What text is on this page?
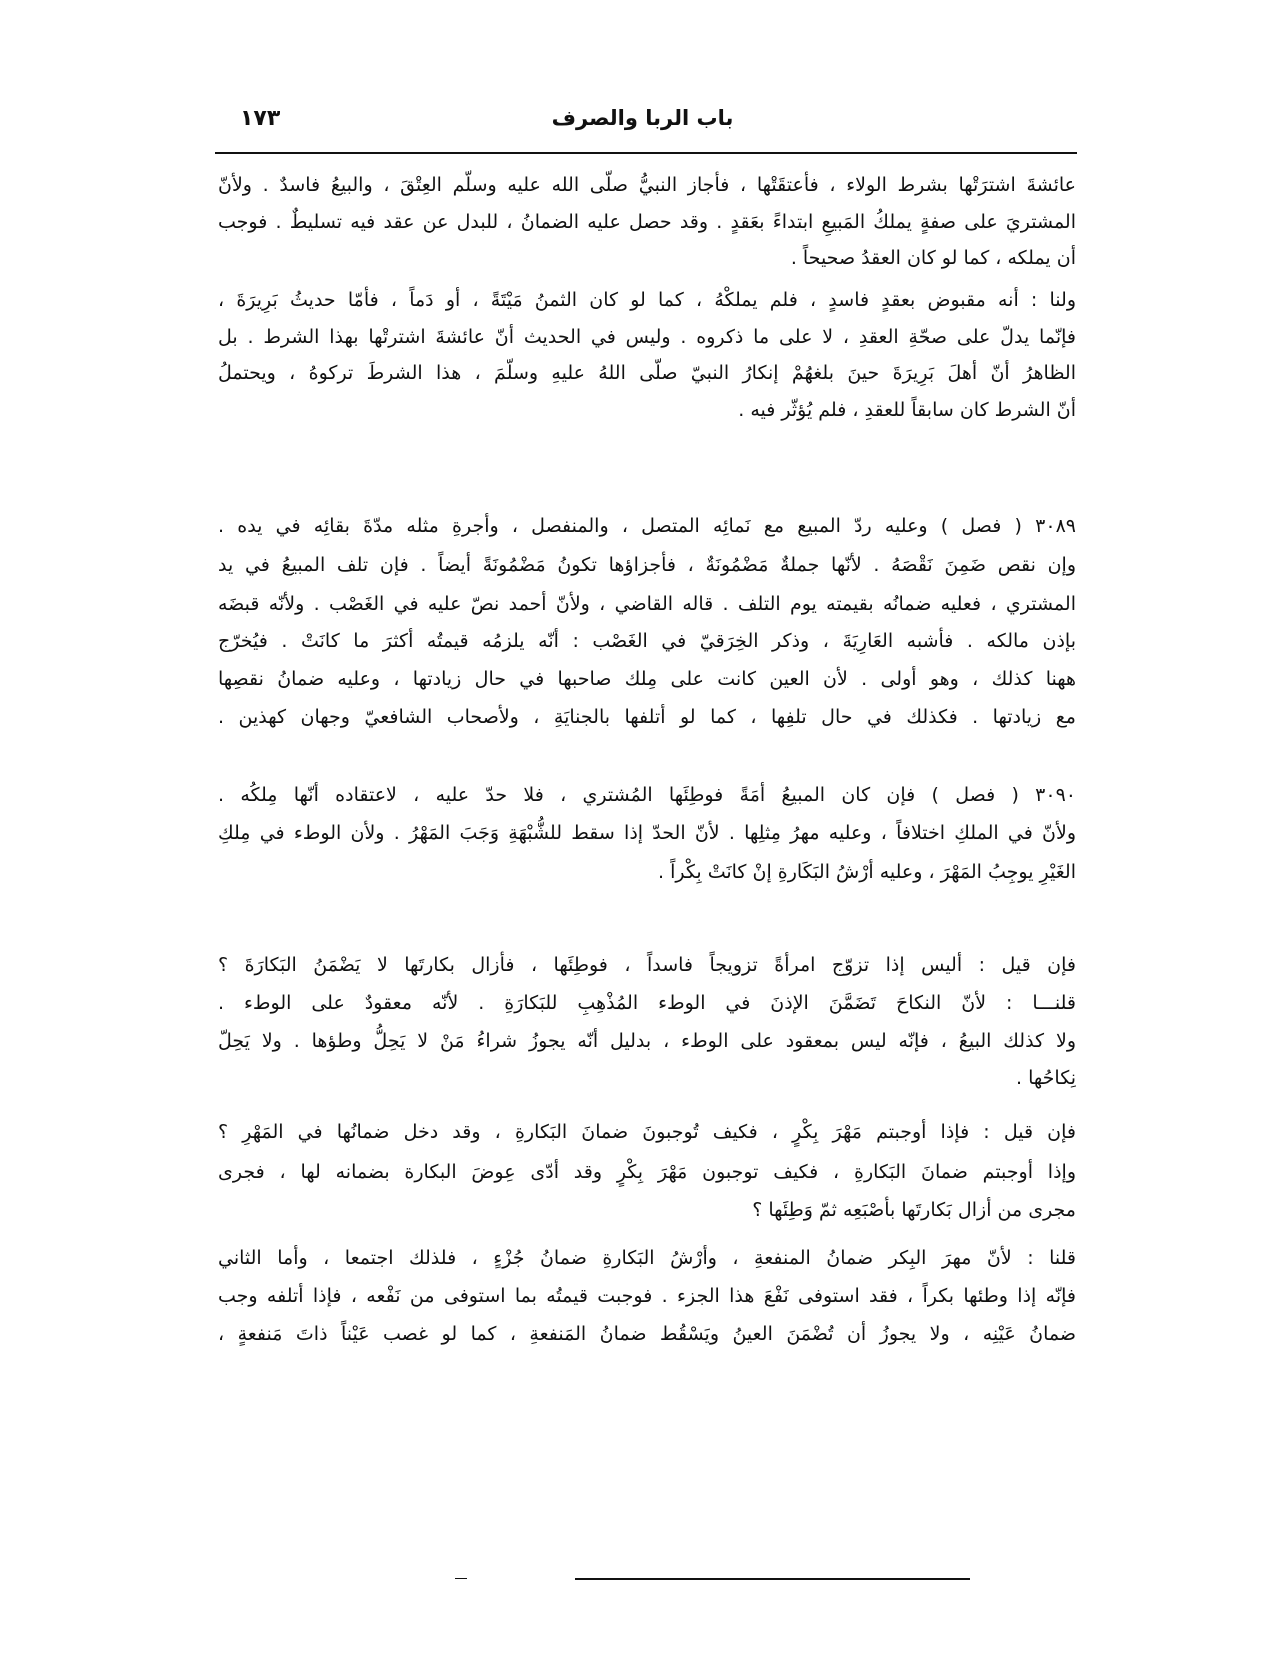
١٧٣	باب الربا والصرف
عائشةَ اشترَتْها بشرط الولاء ، فأعتقَتْها ، فأجاز النبيُّ صلّى الله عليه وسلّم العِتْقَ ، والبيعُ فاسدٌ . ولأنّ
المشتريَ على صفةٍ يملكُ المَبيعِ ابتداءً بعَقدٍ . وقد حصل عليه الضمانُ ، للبدل عن عقد فيه تسليطٌ . فوجب
أن يملكه ، كما لو كان العقدُ صحيحاً .
ولنا : أنه مقبوض بعقدٍ فاسدٍ ، فلم يملكْهُ ، كما لو كان الثمنُ مَيْتَةً ، أو دَماً ، فأمّا حديثُ بَرِيرَةَ ،
فإنّما يدلّ على صحّةِ العقدِ ، لا على ما ذكروه . وليس في الحديث أنّ عائشةَ اشترتْها بهذا الشرط . بل
الظاهرُ أنّ أهلَ بَرِيرَةَ حينَ بلغهُمْ إنكارُ النبيّ صلّى اللهُ عليهِ وسلّمَ ، هذا الشرطَ تركوهُ ، ويحتملُ
أنّ الشرط كان سابقاً للعقدِ ، فلم يُؤثّر فيه .
٣٠٨٩ ( فصل ) وعليه ردّ المبيع مع نَمائِه المتصل ، والمنفصل ، وأجرةِ مثله مدّةَ بقائِه في يده .
وإن نقص ضَمِنَ نَقْصَهُ . لأنّها جملةٌ مَضْمُونَةٌ ، فأجزاؤها تكونُ مَضْمُونَةً أيضاً . فإن تلف المبيعُ في يد
المشتري ، فعليه ضمانُه بقيمته يوم التلف . قاله القاضي ، ولأنّ أحمد نصّ عليه في الغَصْب . ولأنّه قبضَه
بإذن مالكه . فأشبه العَارِيَةَ ، وذكر الخِرَقيّ في الغَصْب : أنّه يلزمُه قيمتُه أكثرَ ما كانَتْ . فيُخرّج
ههنا كذلك ، وهو أولى . لأن العين كانت على مِلك صاحبها في حال زيادتها ، وعليه ضمانُ نقصِها
مع زيادتها . فكذلك في حال تلفِها ، كما لو أتلفها بالجنايَةِ ، ولأصحاب الشافعيّ وجهان كهذين .
٣٠٩٠ ( فصل ) فإن كان المبيعُ أمَةً فوطِئَها المُشتري ، فلا حدّ عليه ، لاعتقاده أنّها مِلكُه .
ولأنّ في الملكِ اختلافاً ، وعليه مهرُ مِثلِها . لأنّ الحدّ إذا سقط للشُّبْهَةِ وَجَبَ المَهْرُ . ولأن الوطء في مِلكِ
الغَيْرِ يوجِبُ المَهْرَ ، وعليه أرْشُ البَكَارةِ إنْ كانَتْ بِكْراً .
فإن قيل : أليس إذا تزوّج امرأةً تزويجاً فاسداً ، فوطِئَها ، فأزال بكارتَها لا يَضْمَنُ البَكارَةَ ؟
قلنـــا : لأنّ النكاحَ تَضَمَّنَ الإذنَ في الوطء المُذْهِبِ للبَكارَةِ . لأنّه معقودٌ على الوطء .
ولا كذلك البيعُ ، فإنّه ليس بمعقود على الوطء ، بدليل أنّه يجوزُ شراءُ مَنْ لا يَحِلُّ وطؤها . ولا يَحِلّ
نِكاحُها .
فإن قيل : فإذا أوجبتم مَهْرَ بِكْرٍ ، فكيف تُوجبونَ ضمانَ البَكارةِ ، وقد دخل ضمانُها في المَهْرِ ؟
وإذا أوجبتم ضمانَ البَكارةِ ، فكيف توجبون مَهْرَ بِكْرٍ وقد أدّى عِوضَ البكارة بضمانه لها ، فجرى
مجرى من أزال بَكارتَها بأصْبَعِه ثمّ وَطِئَها ؟
قلنا : لأنّ مهرَ البِكر ضمانُ المنفعةِ ، وأرْشُ البَكارةِ ضمانُ جُزْءٍ ، فلذلك اجتمعا ، وأما الثاني
فإنّه إذا وطئها بكراً ، فقد استوفى نَفْعَ هذا الجزء . فوجبت قيمتُه بما استوفى من نَفْعه ، فإذا أتلفه وجب
ضمانُ عَيْنِه ، ولا يجوزُ أن تُضْمَنَ العينُ ويَسْقُط ضمانُ المَنفعةِ ، كما لو غصب عَيْناً ذاتَ مَنفعةٍ ،
